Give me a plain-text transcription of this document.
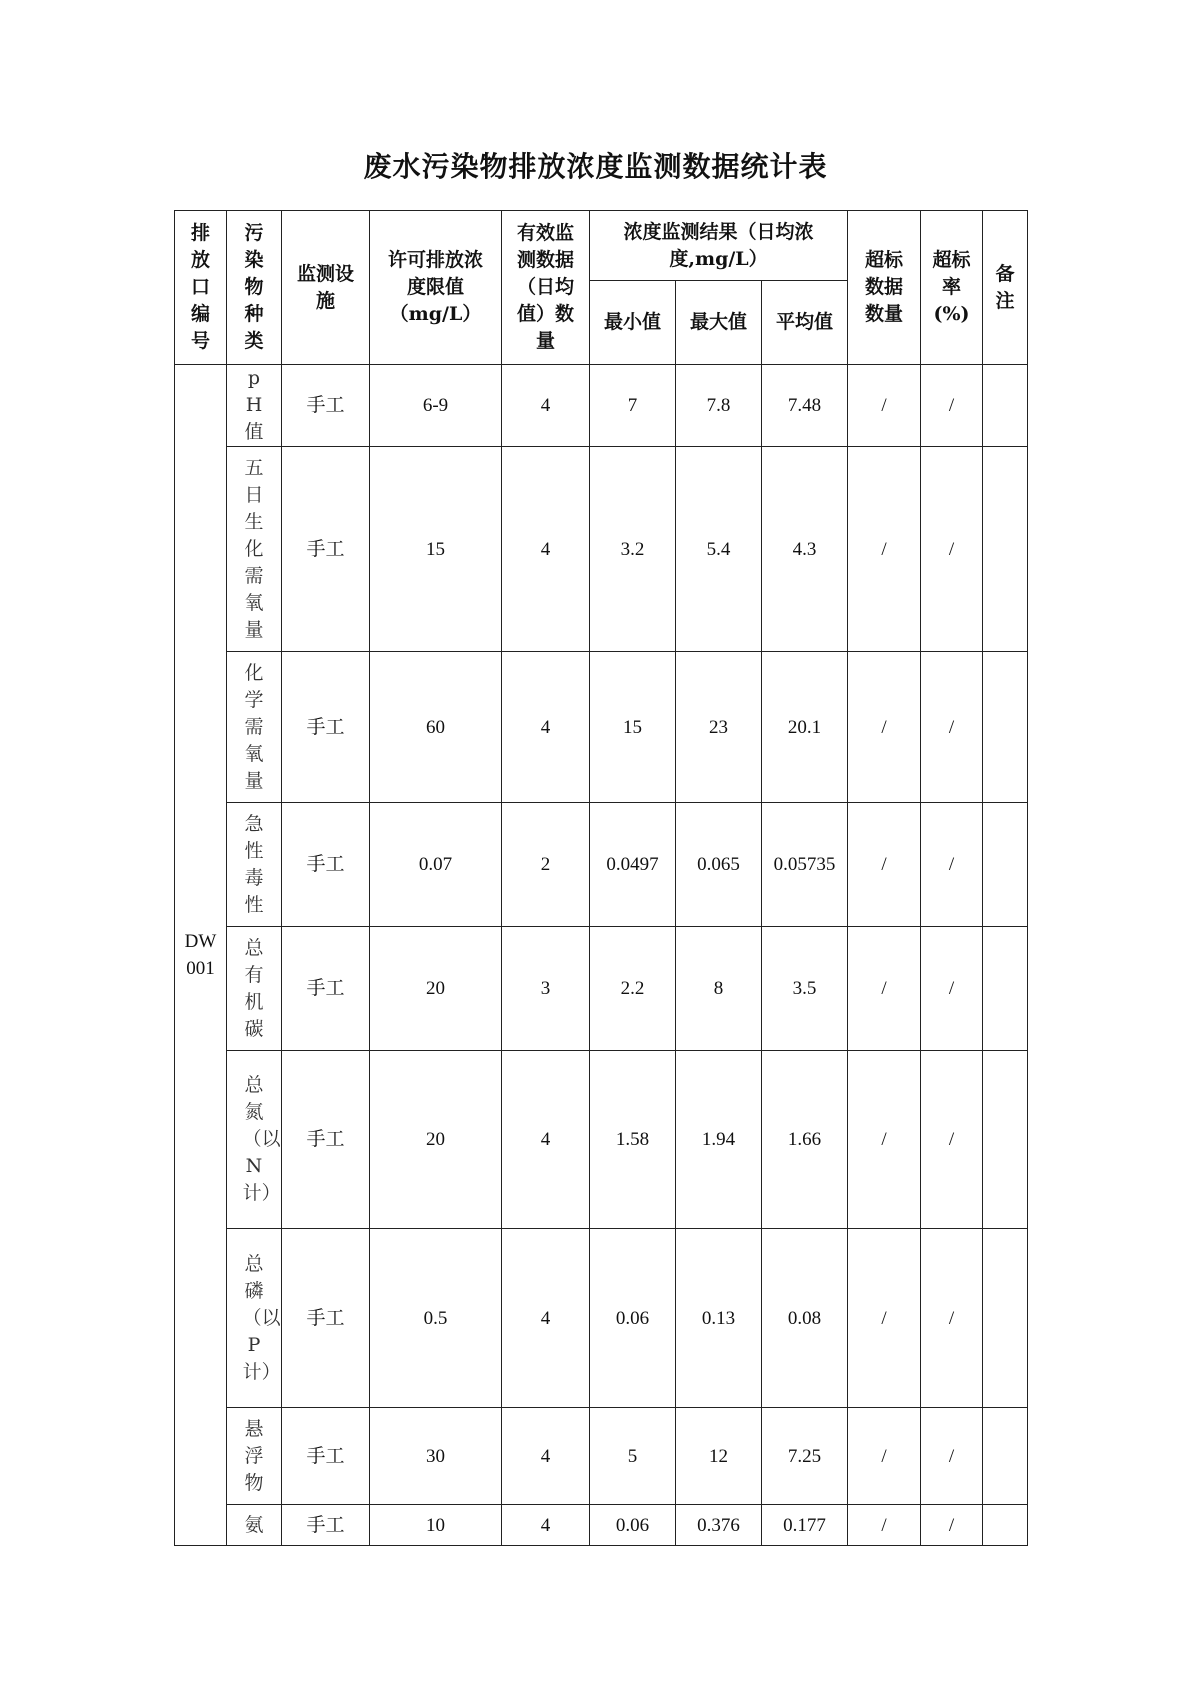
废水污染物排放浓度监测数据统计表
排放口编号	污染物种类	监测设施	许可排放浓度限值（mg/L）	有效监测数据（日均值）数量	浓度监测结果（日均浓度,mg/L）			超标数据数量	超标率(%)	备注
					最小值	最大值	平均值			
DW001	pH值	手工	6-9	4	7	7.8	7.48	/	/	
	五日生化需氧量	手工	15	4	3.2	5.4	4.3	/	/	
	化学需氧量	手工	60	4	15	23	20.1	/	/	
	急性毒性	手工	0.07	2	0.0497	0.065	0.05735	/	/	
	总有机碳	手工	20	3	2.2	8	3.5	/	/	
	总氮（以N计）	手工	20	4	1.58	1.94	1.66	/	/	
	总磷（以P计）	手工	0.5	4	0.06	0.13	0.08	/	/	
	悬浮物	手工	30	4	5	12	7.25	/	/	
	氨	手工	10	4	0.06	0.376	0.177	/	/	
